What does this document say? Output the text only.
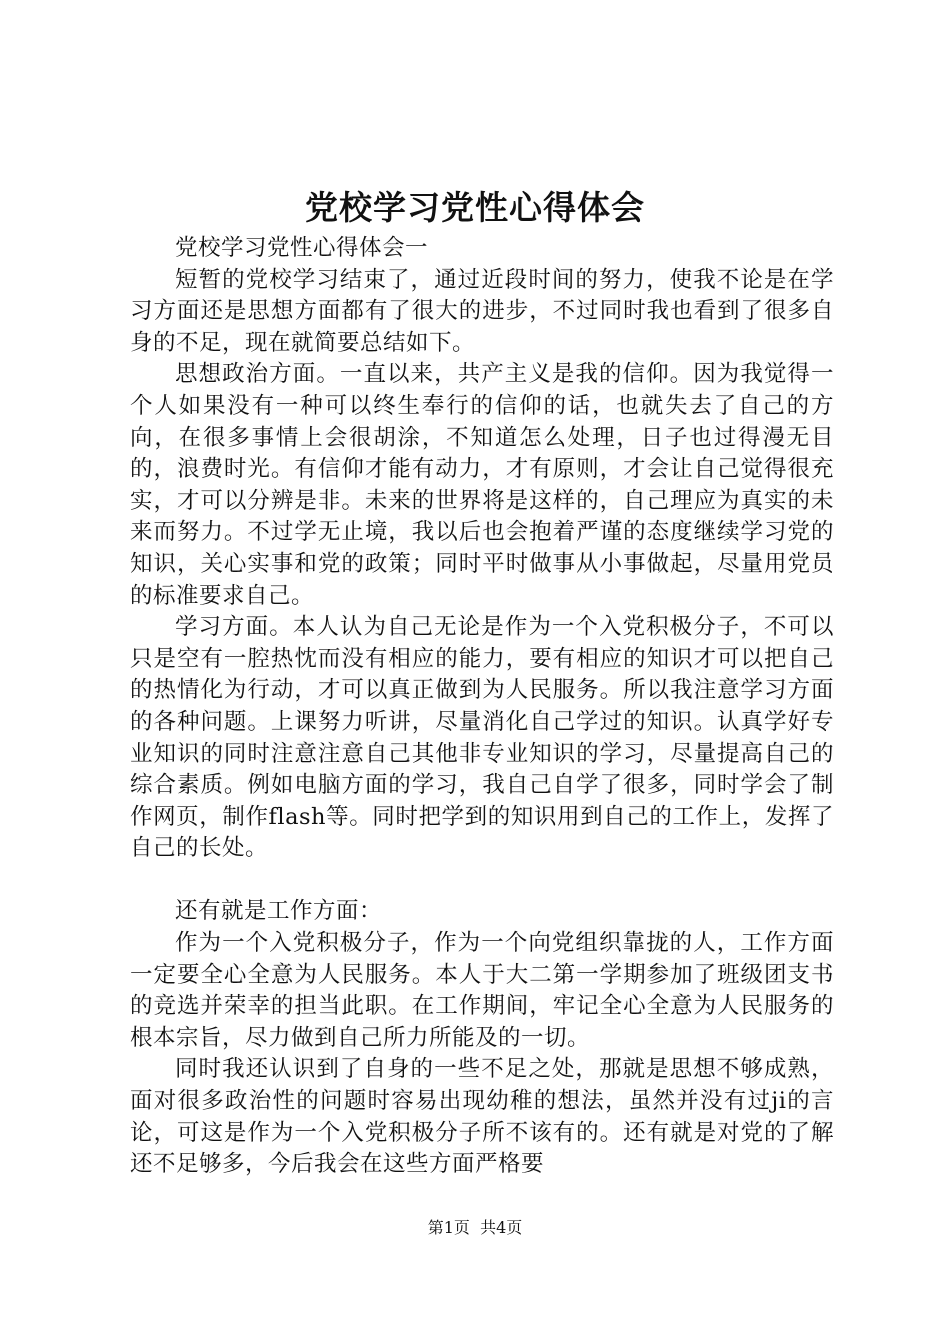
党校学习党性心得体会

党校学习党性心得体会一

短暂的党校学习结束了，通过近段时间的努力，使我不论是在学习方面还是思想方面都有了很大的进步，不过同时我也看到了很多自身的不足，现在就简要总结如下。

思想政治方面。一直以来，共产主义是我的信仰。因为我觉得一个人如果没有一种可以终生奉行的信仰的话，也就失去了自己的方向，在很多事情上会很胡涂，不知道怎么处理，日子也过得漫无目的，浪费时光。有信仰才能有动力，才有原则，才会让自己觉得很充实，才可以分辨是非。未来的世界将是这样的，自己理应为真实的未来而努力。不过学无止境，我以后也会抱着严谨的态度继续学习党的知识，关心实事和党的政策；同时平时做事从小事做起，尽量用党员的标准要求自己。

学习方面。本人认为自己无论是作为一个入党积极分子，不可以只是空有一腔热忱而没有相应的能力，要有相应的知识才可以把自己的热情化为行动，才可以真正做到为人民服务。所以我注意学习方面的各种问题。上课努力听讲，尽量消化自己学过的知识。认真学好专业知识的同时注意注意自己其他非专业知识的学习，尽量提高自己的综合素质。例如电脑方面的学习，我自己自学了很多，同时学会了制作网页，制作flash等。同时把学到的知识用到自己的工作上，发挥了自己的长处。

还有就是工作方面：

作为一个入党积极分子，作为一个向党组织靠拢的人，工作方面一定要全心全意为人民服务。本人于大二第一学期参加了班级团支书的竞选并荣幸的担当此职。在工作期间，牢记全心全意为人民服务的根本宗旨，尽力做到自己所力所能及的一切。

同时我还认识到了自身的一些不足之处，那就是思想不够成熟，面对很多政治性的问题时容易出现幼稚的想法，虽然并没有过ji的言论，可这是作为一个入党积极分子所不该有的。还有就是对党的了解还不足够多，今后我会在这些方面严格要

第1页 共4页
